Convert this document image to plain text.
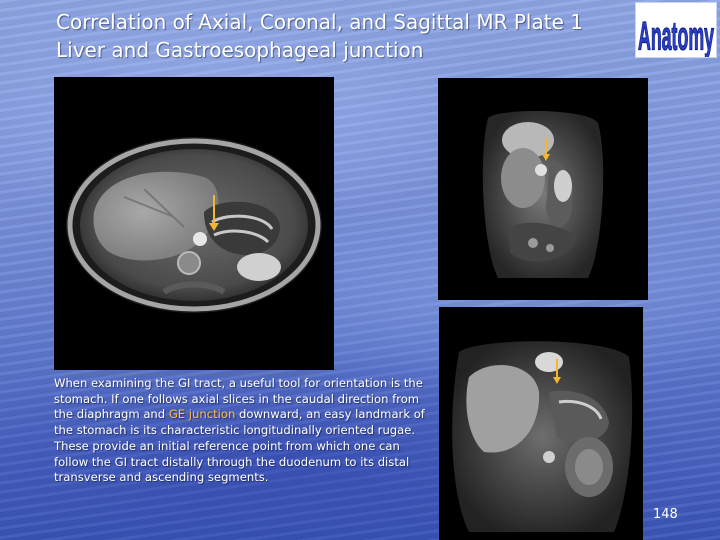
Correlation of Axial, Coronal, and Sagittal MR Plate 1
Liver and Gastroesophageal junction	Anatomy
When examining the GI tract, a useful tool for orientation is the stomach. If one follows axial slices in the caudal direction from the diaphragm and GE junction downward, an easy landmark of the stomach is its characteristic longitudinally oriented rugae. These provide an initial reference point from which one can follow the GI tract distally through the duodenum to its distal transverse and ascending segments.
148
